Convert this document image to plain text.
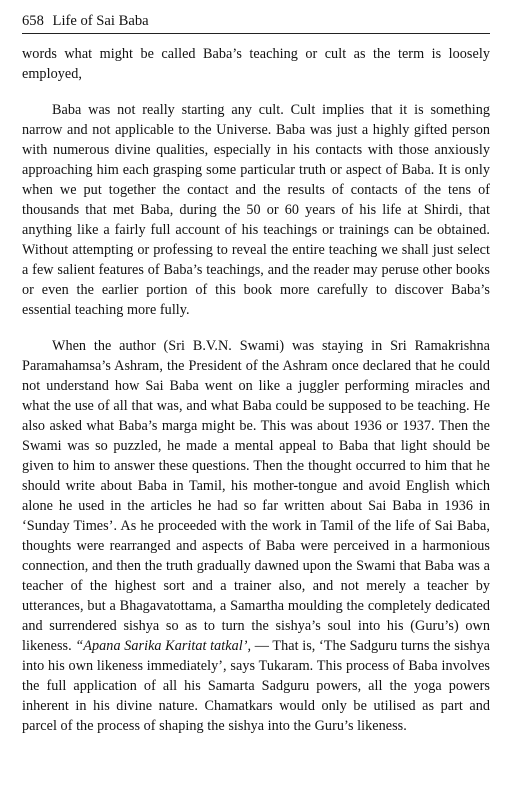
658 Life of Sai Baba

words what might be called Baba’s teaching or cult as the term is loosely employed,

Baba was not really starting any cult. Cult implies that it is something narrow and not applicable to the Universe. Baba was just a highly gifted person with numerous divine qualities, especially in his contacts with those anxiously approaching him each grasping some particular truth or aspect of Baba. It is only when we put together the contact and the results of contacts of the tens of thousands that met Baba, during the 50 or 60 years of his life at Shirdi, that anything like a fairly full account of his teachings or trainings can be obtained. Without attempting or professing to reveal the entire teaching we shall just select a few salient features of Baba’s teachings, and the reader may peruse other books or even the earlier portion of this book more carefully to discover Baba’s essential teaching more fully.

When the author (Sri B.V.N. Swami) was staying in Sri Ramakrishna Paramahamsa’s Ashram, the President of the Ashram once declared that he could not understand how Sai Baba went on like a juggler performing miracles and what the use of all that was, and what Baba could be supposed to be teaching. He also asked what Baba’s marga might be. This was about 1936 or 1937. Then the Swami was so puzzled, he made a mental appeal to Baba that light should be given to him to answer these questions. Then the thought occurred to him that he should write about Baba in Tamil, his mother-tongue and avoid English which alone he used in the articles he had so far written about Sai Baba in 1936 in ‘Sunday Times’. As he proceeded with the work in Tamil of the life of Sai Baba, thoughts were rearranged and aspects of Baba were perceived in a harmonious connection, and then the truth gradually dawned upon the Swami that Baba was a teacher of the highest sort and a trainer also, and not merely a teacher by utterances, but a Bhagavatottama, a Samartha moulding the completely dedicated and surrendered sishya so as to turn the sishya’s soul into his (Guru’s) own likeness. “Apana Sarika Karitat tatkal’, — That is, ‘The Sadguru turns the sishya into his own likeness immediately’, says Tukaram. This process of Baba involves the full application of all his Samarta Sadguru powers, all the yoga powers inherent in his divine nature. Chamatkars would only be utilised as part and parcel of the process of shaping the sishya into the Guru’s likeness.
